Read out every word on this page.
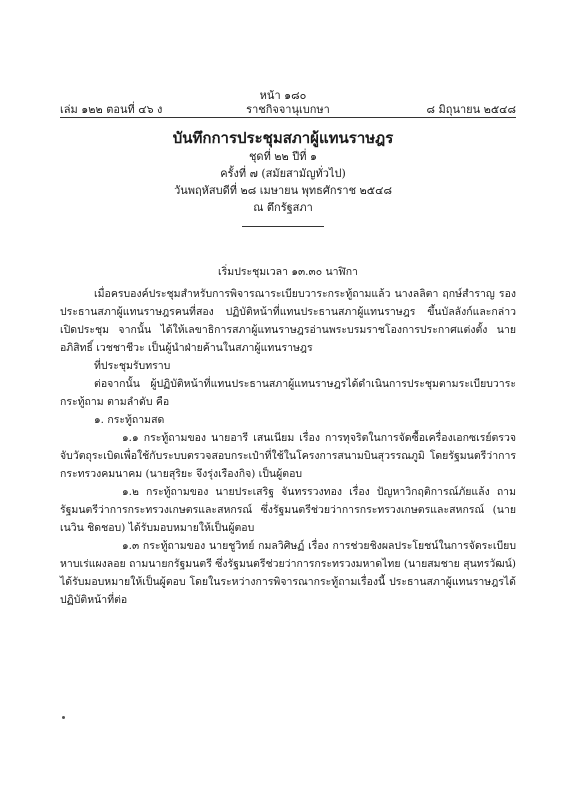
หน้า ๑๘๐
ราชกิจจานุเบกษา
เล่ม ๑๒๒ ตอนที่ ๔๖ ง	๘ มิถุนายน ๒๕๔๘
บันทึกการประชุมสภาผู้แทนราษฎร
ชุดที่ ๒๒ ปีที่ ๑
ครั้งที่ ๗ (สมัยสามัญทั่วไป)
วันพฤหัสบดีที่ ๒๘ เมษายน พุทธศักราช ๒๕๔๘
ณ ตึกรัฐสภา

เริ่มประชุมเวลา ๑๓.๓๐ นาฬิกา

เมื่อครบองค์ประชุมสำหรับการพิจารณาระเบียบวาระกระทู้ถามแล้ว นางลลิตา ฤกษ์สำราญ รองประธานสภาผู้แทนราษฎรคนที่สอง ปฏิบัติหน้าที่แทนประธานสภาผู้แทนราษฎร ขึ้นบัลลังก์และกล่าวเปิดประชุม จากนั้น ได้ให้เลขาธิการสภาผู้แทนราษฎรอ่านพระบรมราชโองการประกาศแต่งตั้ง นายอภิสิทธิ์ เวชชาชีวะ เป็นผู้นำฝ่ายค้านในสภาผู้แทนราษฎร

ที่ประชุมรับทราบ

ต่อจากนั้น ผู้ปฏิบัติหน้าที่แทนประธานสภาผู้แทนราษฎรได้ดำเนินการประชุมตามระเบียบวาระกระทู้ถาม ตามลำดับ คือ

๑. กระทู้ถามสด

๑.๑ กระทู้ถามของ นายอารี เสนเนียม เรื่อง การทุจริตในการจัดซื้อเครื่องเอกซเรย์ตรวจจับวัตถุระเบิดเพื่อใช้กับระบบตรวจสอบกระเป๋าที่ใช้ในโครงการสนามบินสุวรรณภูมิ โดยรัฐมนตรีว่าการกระทรวงคมนาคม (นายสุริยะ จึงรุ่งเรืองกิจ) เป็นผู้ตอบ

๑.๒ กระทู้ถามของ นายประเสริฐ จันทรรวงทอง เรื่อง ปัญหาวิกฤติการณ์ภัยแล้ง ถามรัฐมนตรีว่าการกระทรวงเกษตรและสหกรณ์ ซึ่งรัฐมนตรีช่วยว่าการกระทรวงเกษตรและสหกรณ์ (นายเนวิน ชิดชอบ) ได้รับมอบหมายให้เป็นผู้ตอบ

๑.๓ กระทู้ถามของ นายชูวิทย์ กมลวิศิษฏ์ เรื่อง การช่วยชิงผลประโยชน์ในการจัดระเบียบหาบเร่แผงลอย ถามนายกรัฐมนตรี ซึ่งรัฐมนตรีช่วยว่าการกระทรวงมหาดไทย (นายสมชาย สุนทรวัฒน์) ได้รับมอบหมายให้เป็นผู้ตอบ โดยในระหว่างการพิจารณากระทู้ถามเรื่องนี้ ประธานสภาผู้แทนราษฎรได้ปฏิบัติหน้าที่ต่อ
